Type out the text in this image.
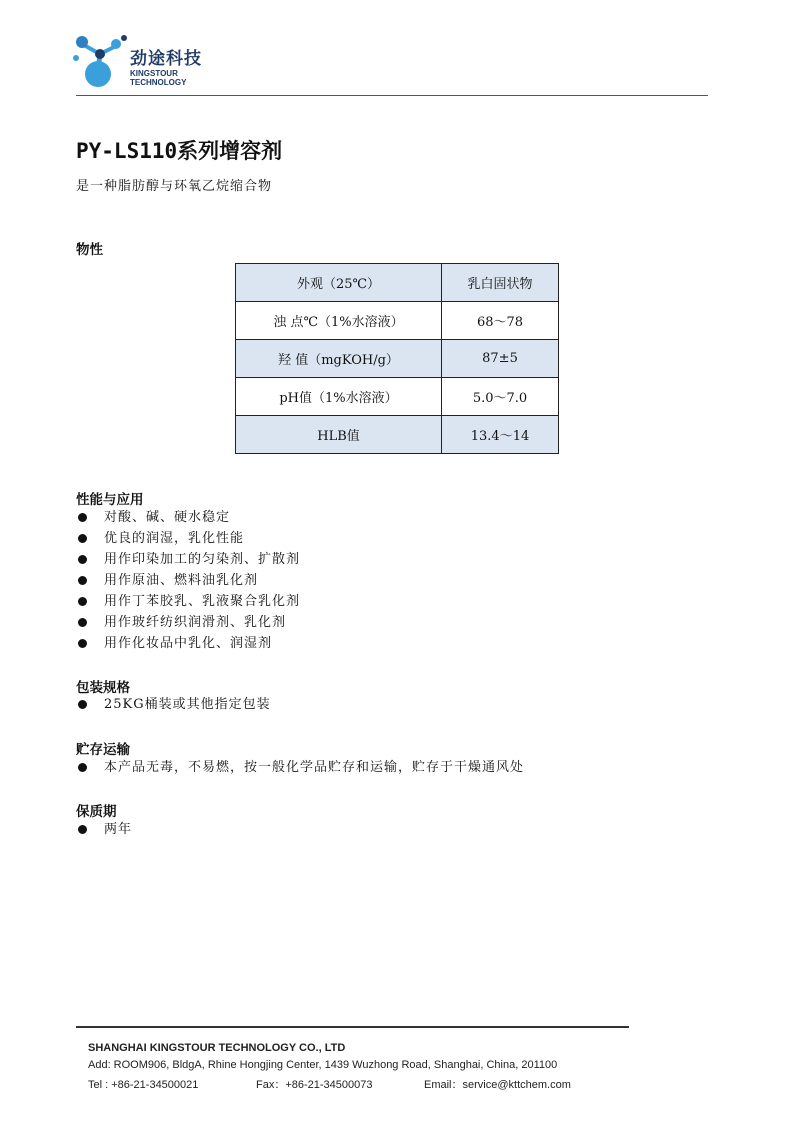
劲途科技
KINGSTOUR
TECHNOLOGY
PY-LS110系列增容剂
是一种脂肪醇与环氧乙烷缩合物
物性
外观（25℃）	乳白固状物
浊 点℃（1%水溶液）	68～78
羟 值（mgKOH/g）	87±5
pH值（1%水溶液）	5.0～7.0
HLB值	13.4～14
性能与应用
对酸、碱、硬水稳定
优良的润湿，乳化性能
用作印染加工的匀染剂、扩散剂
用作原油、燃料油乳化剂
用作丁苯胶乳、乳液聚合乳化剂
用作玻纤纺织润滑剂、乳化剂
用作化妆品中乳化、润湿剂
包装规格
25KG桶装或其他指定包装
贮存运输
本产品无毒，不易燃，按一般化学品贮存和运输，贮存于干燥通风处
保质期
两年
SHANGHAI KINGSTOUR TECHNOLOGY CO., LTD
Add: ROOM906, BldgA, Rhine Hongjing Center, 1439 Wuzhong Road, Shanghai, China, 201100
Tel : +86-21-34500021	Fax：+86-21-34500073	Email：service@kttchem.com
